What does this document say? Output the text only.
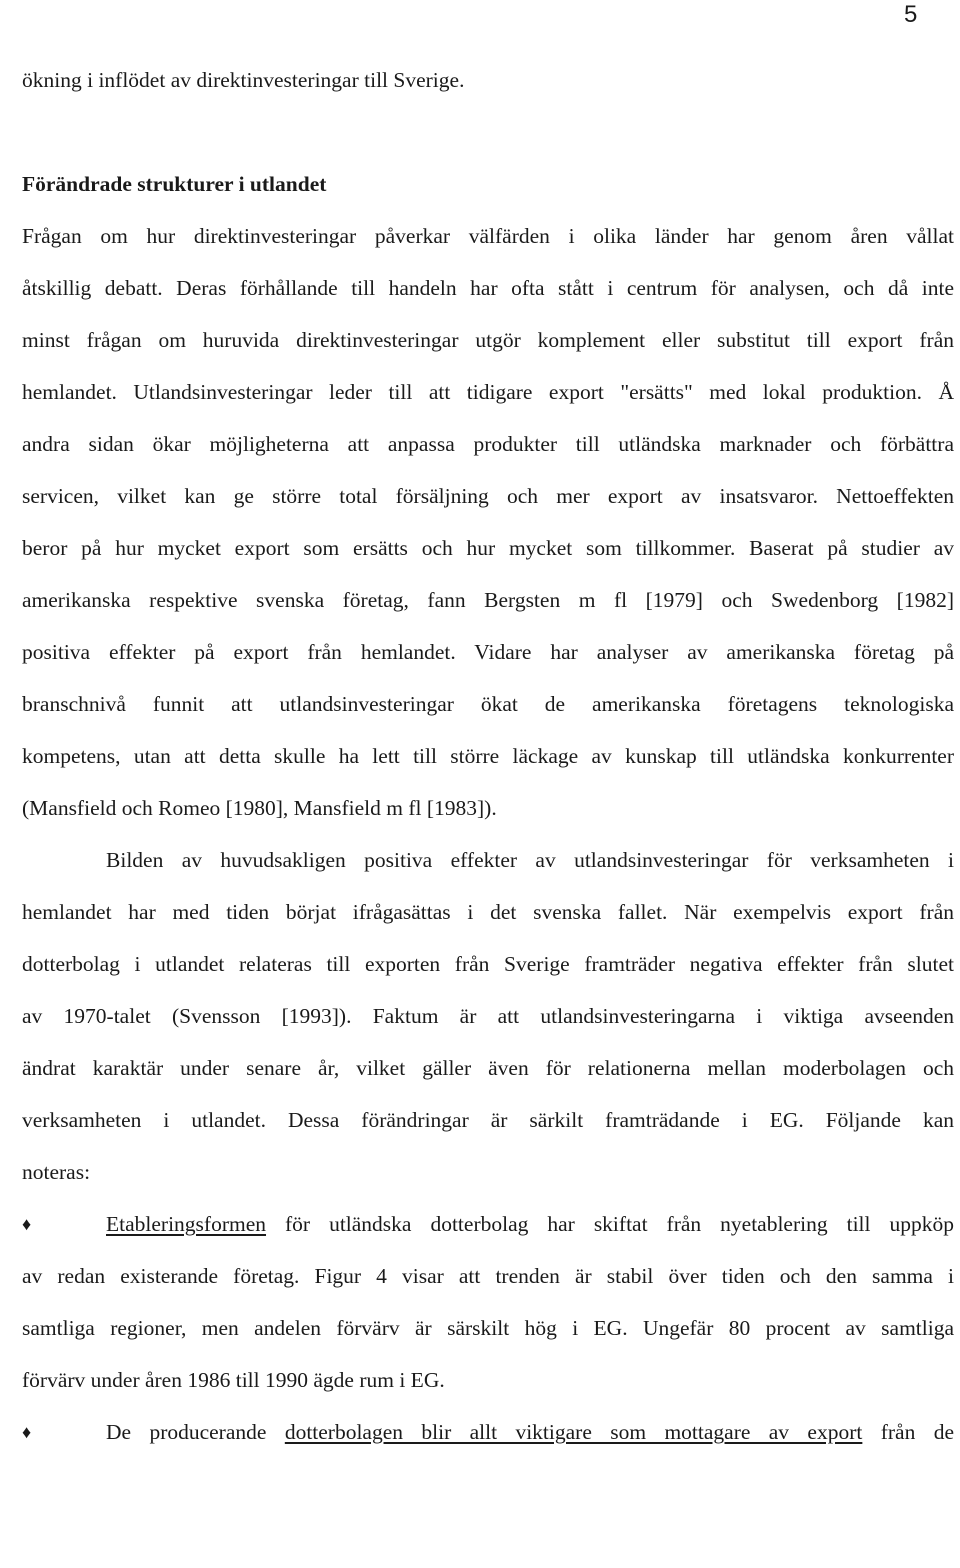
5
ökning i inflödet av direktinvesteringar till Sverige.
Förändrade strukturer i utlandet
Frågan om hur direktinvesteringar påverkar välfärden i olika länder har genom åren vållat
åtskillig debatt. Deras förhållande till handeln har ofta stått i centrum för analysen, och då inte
minst frågan om huruvida direktinvesteringar utgör komplement eller substitut till export från
hemlandet. Utlandsinvesteringar leder till att tidigare export "ersätts" med lokal produktion. Å
andra sidan ökar möjligheterna att anpassa produkter till utländska marknader och förbättra
servicen, vilket kan ge större total försäljning och mer export av insatsvaror. Nettoeffekten
beror på hur mycket export som ersätts och hur mycket som tillkommer. Baserat på studier av
amerikanska respektive svenska företag, fann Bergsten m fl [1979] och Swedenborg [1982]
positiva effekter på export från hemlandet. Vidare har analyser av amerikanska företag på
branschnivå funnit att utlandsinvesteringar ökat de amerikanska företagens teknologiska
kompetens, utan att detta skulle ha lett till större läckage av kunskap till utländska konkurrenter
(Mansfield och Romeo [1980], Mansfield m fl [1983]).
Bilden av huvudsakligen positiva effekter av utlandsinvesteringar för verksamheten i
hemlandet har med tiden börjat ifrågasättas i det svenska fallet. När exempelvis export från
dotterbolag i utlandet relateras till exporten från Sverige framträder negativa effekter från slutet
av 1970-talet (Svensson [1993]). Faktum är att utlandsinvesteringarna i viktiga avseenden
ändrat karaktär under senare år, vilket gäller även för relationerna mellan moderbolagen och
verksamheten i utlandet. Dessa förändringar är särkilt framträdande i EG. Följande kan
noteras:
♦	Etableringsformen för utländska dotterbolag har skiftat från nyetablering till uppköp
av redan existerande företag. Figur 4 visar att trenden är stabil över tiden och den samma i
samtliga regioner, men andelen förvärv är särskilt hög i EG. Ungefär 80 procent av samtliga
förvärv under åren 1986 till 1990 ägde rum i EG.
♦	De producerande dotterbolagen blir allt viktigare som mottagare av export från de
